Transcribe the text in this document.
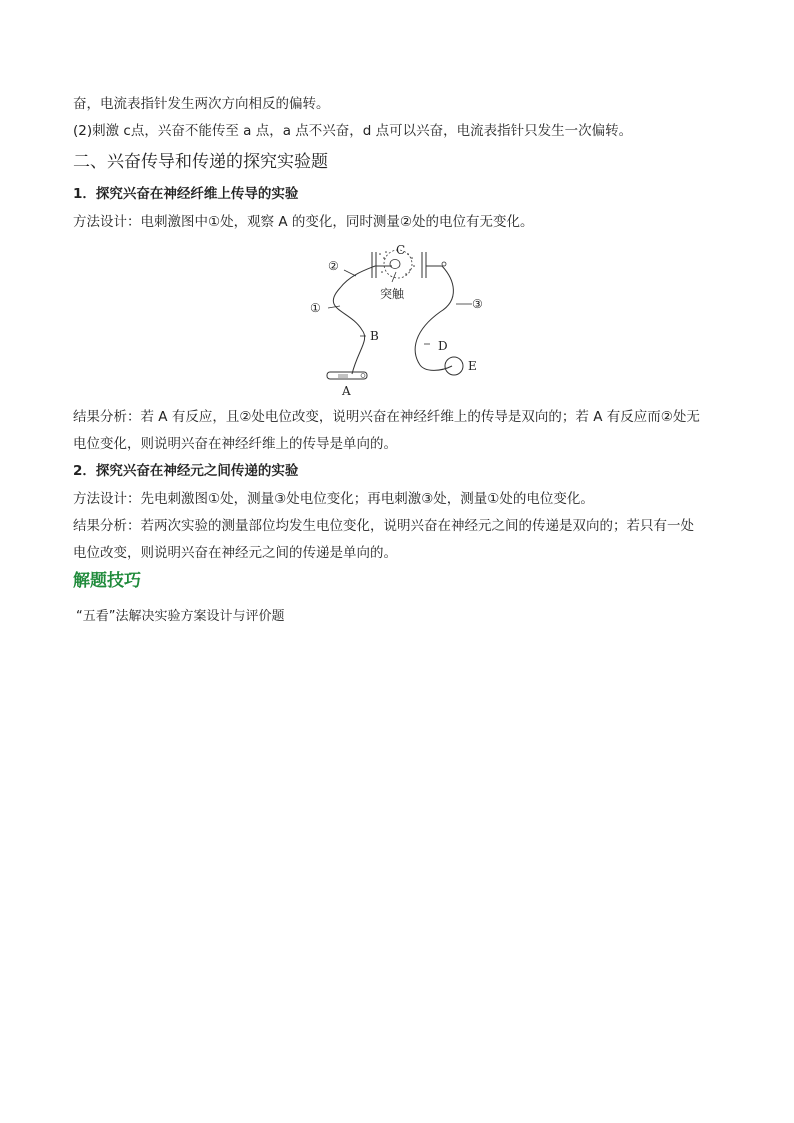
奋，电流表指针发生两次方向相反的偏转。
(2)刺激 c点，兴奋不能传至 a 点，a 点不兴奋，d 点可以兴奋，电流表指针只发生一次偏转。
二、兴奋传导和传递的探究实验题
1．探究兴奋在神经纤维上传导的实验
方法设计：电刺激图中①处，观察 A 的变化，同时测量②处的电位有无变化。
①
②
③
A
B
C
D
E
突触
结果分析：若 A 有反应，且②处电位改变，说明兴奋在神经纤维上的传导是双向的；若 A 有反应而②处无
电位变化，则说明兴奋在神经纤维上的传导是单向的。
2．探究兴奋在神经元之间传递的实验
方法设计：先电刺激图①处，测量③处电位变化；再电刺激③处，测量①处的电位变化。
结果分析：若两次实验的测量部位均发生电位变化，说明兴奋在神经元之间的传递是双向的；若只有一处
电位改变，则说明兴奋在神经元之间的传递是单向的。
解题技巧
“五看”法解决实验方案设计与评价题
